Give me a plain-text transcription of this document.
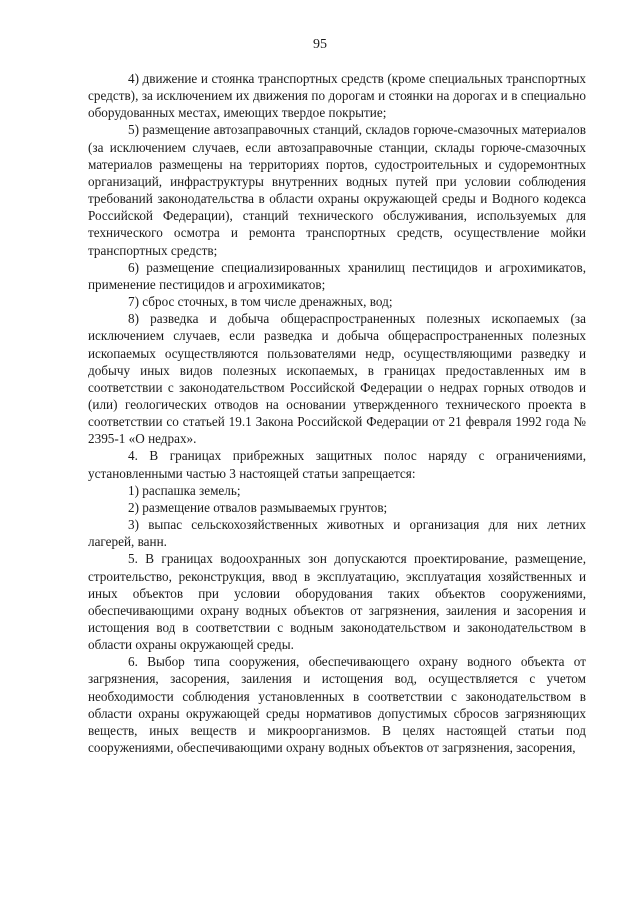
95

4) движение и стоянка транспортных средств (кроме специальных транспортных средств), за исключением их движения по дорогам и стоянки на дорогах и в специально оборудованных местах, имеющих твердое покрытие;

5) размещение автозаправочных станций, складов горюче-смазочных материалов (за исключением случаев, если автозаправочные станции, склады горюче-смазочных материалов размещены на территориях портов, судостроительных и судоремонтных организаций, инфраструктуры внутренних водных путей при условии соблюдения требований законодательства в области охраны окружающей среды и Водного кодекса Российской Федерации), станций технического обслуживания, используемых для технического осмотра и ремонта транспортных средств, осуществление мойки транспортных средств;

6) размещение специализированных хранилищ пестицидов и агрохимикатов, применение пестицидов и агрохимикатов;

7) сброс сточных, в том числе дренажных, вод;

8) разведка и добыча общераспространенных полезных ископаемых (за исключением случаев, если разведка и добыча общераспространенных полезных ископаемых осуществляются пользователями недр, осуществляющими разведку и добычу иных видов полезных ископаемых, в границах предоставленных им в соответствии с законодательством Российской Федерации о недрах горных отводов и (или) геологических отводов на основании утвержденного технического проекта в соответствии со статьей 19.1 Закона Российской Федерации от 21 февраля 1992 года № 2395-1 «О недрах».

4. В границах прибрежных защитных полос наряду с ограничениями, установленными частью 3 настоящей статьи запрещается:

1) распашка земель;

2) размещение отвалов размываемых грунтов;

3) выпас сельскохозяйственных животных и организация для них летних лагерей, ванн.

5. В границах водоохранных зон допускаются проектирование, размещение, строительство, реконструкция, ввод в эксплуатацию, эксплуатация хозяйственных и иных объектов при условии оборудования таких объектов сооружениями, обеспечивающими охрану водных объектов от загрязнения, заиления и засорения и истощения вод в соответствии с водным законодательством и законодательством в области охраны окружающей среды.

6. Выбор типа сооружения, обеспечивающего охрану водного объекта от загрязнения, засорения, заиления и истощения вод, осуществляется с учетом необходимости соблюдения установленных в соответствии с законодательством в области охраны окружающей среды нормативов допустимых сбросов загрязняющих веществ, иных веществ и микроорганизмов. В целях настоящей статьи под сооружениями, обеспечивающими охрану водных объектов от загрязнения, засорения,
